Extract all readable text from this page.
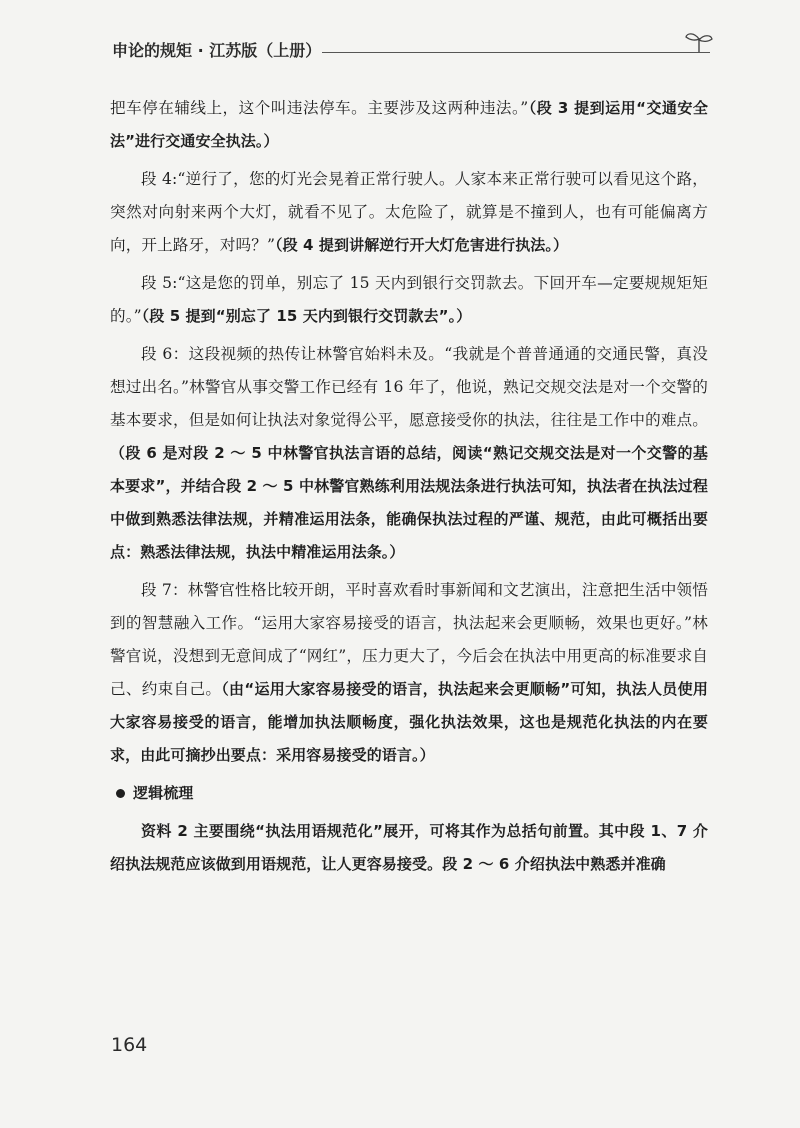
申论的规矩 · 江苏版（上册）

把车停在辅线上，这个叫违法停车。主要涉及这两种违法。”（段 3 提到运用“交通安全法”进行交通安全执法。）

段 4:“逆行了，您的灯光会晃着正常行驶人。人家本来正常行驶可以看见这个路，突然对向射来两个大灯，就看不见了。太危险了，就算是不撞到人，也有可能偏离方向，开上路牙，对吗？”（段 4 提到讲解逆行开大灯危害进行执法。）

段 5:“这是您的罚单，别忘了 15 天内到银行交罚款去。下回开车—定要规规矩矩的。”（段 5 提到“别忘了 15 天内到银行交罚款去”。）

段 6：这段视频的热传让林警官始料未及。“我就是个普普通通的交通民警，真没想过出名。”林警官从事交警工作已经有 16 年了，他说，熟记交规交法是对一个交警的基本要求，但是如何让执法对象觉得公平，愿意接受你的执法，往往是工作中的难点。（段 6 是对段 2 ～ 5 中林警官执法言语的总结，阅读“熟记交规交法是对一个交警的基本要求”，并结合段 2 ～ 5 中林警官熟练利用法规法条进行执法可知，执法者在执法过程中做到熟悉法律法规，并精准运用法条，能确保执法过程的严谨、规范，由此可概括出要点：熟悉法律法规，执法中精准运用法条。）

段 7：林警官性格比较开朗，平时喜欢看时事新闻和文艺演出，注意把生活中领悟到的智慧融入工作。“运用大家容易接受的语言，执法起来会更顺畅，效果也更好。”林警官说，没想到无意间成了“网红”，压力更大了，今后会在执法中用更高的标准要求自己、约束自己。（由“运用大家容易接受的语言，执法起来会更顺畅”可知，执法人员使用大家容易接受的语言，能增加执法顺畅度，强化执法效果，这也是规范化执法的内在要求，由此可摘抄出要点：采用容易接受的语言。）

逻辑梳理

资料 2 主要围绕“执法用语规范化”展开，可将其作为总括句前置。其中段 1、7 介绍执法规范应该做到用语规范，让人更容易接受。段 2 ～ 6 介绍执法中熟悉并准确

164
